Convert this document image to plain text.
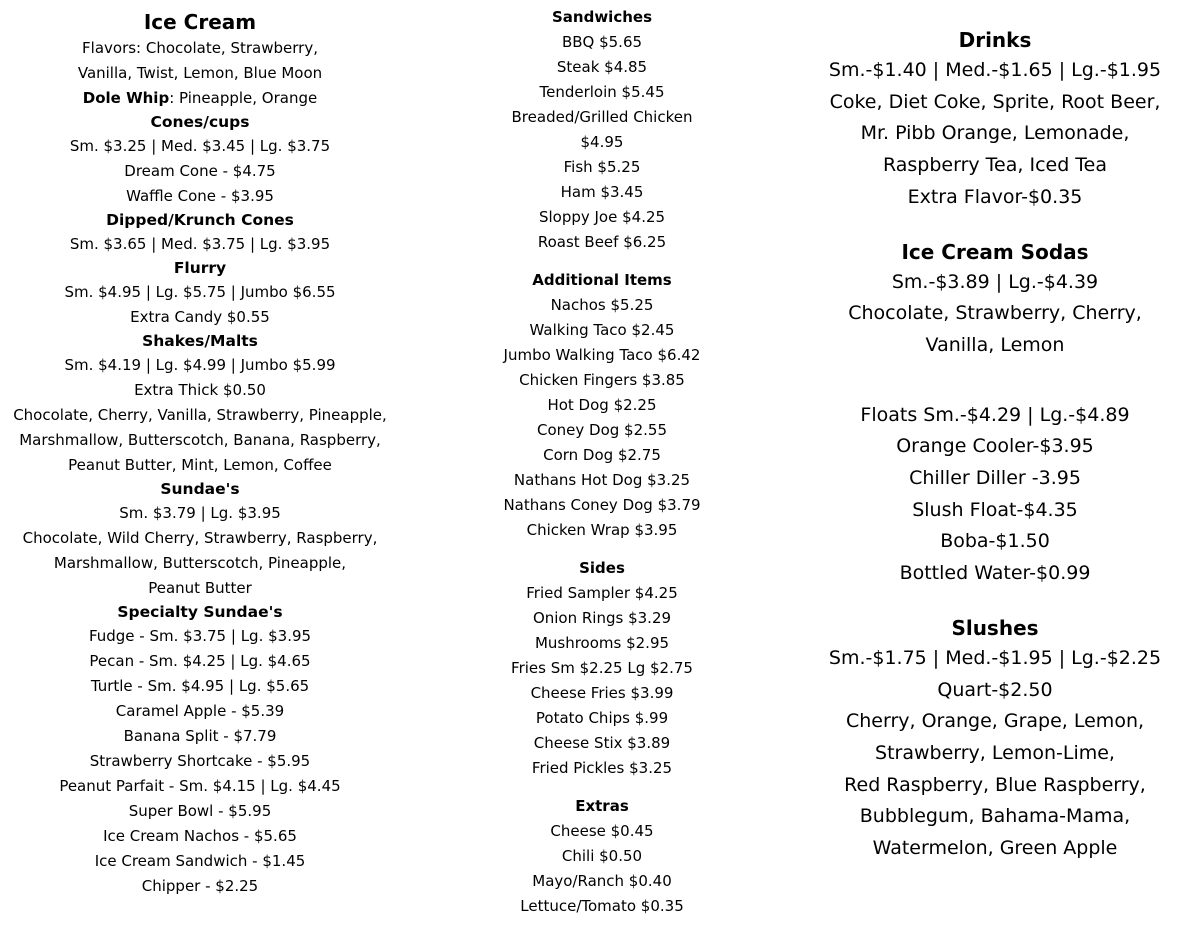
Ice Cream
Flavors: Chocolate, Strawberry,
Vanilla, Twist, Lemon, Blue Moon
Dole Whip: Pineapple, Orange
Cones/cups
Sm. $3.25 | Med. $3.45 | Lg. $3.75
Dream Cone - $4.75
Waffle Cone - $3.95
Dipped/Krunch Cones
Sm. $3.65 | Med. $3.75 | Lg. $3.95
Flurry
Sm. $4.95 | Lg. $5.75 | Jumbo $6.55
Extra Candy $0.55
Shakes/Malts
Sm. $4.19 | Lg. $4.99 | Jumbo $5.99
Extra Thick $0.50
Chocolate, Cherry, Vanilla, Strawberry, Pineapple,
Marshmallow, Butterscotch, Banana, Raspberry,
Peanut Butter, Mint, Lemon, Coffee
Sundae's
Sm. $3.79 | Lg. $3.95
Chocolate, Wild Cherry, Strawberry, Raspberry,
Marshmallow, Butterscotch, Pineapple,
Peanut Butter
Specialty Sundae's
Fudge - Sm. $3.75 | Lg. $3.95
Pecan - Sm. $4.25 | Lg. $4.65
Turtle - Sm. $4.95 | Lg. $5.65
Caramel Apple - $5.39
Banana Split - $7.79
Strawberry Shortcake - $5.95
Peanut Parfait - Sm. $4.15 | Lg. $4.45
Super Bowl - $5.95
Ice Cream Nachos - $5.65
Ice Cream Sandwich - $1.45
Chipper - $2.25
Sandwiches
BBQ $5.65
Steak $4.85
Tenderloin $5.45
Breaded/Grilled Chicken
$4.95
Fish $5.25
Ham $3.45
Sloppy Joe $4.25
Roast Beef $6.25
Additional Items
Nachos $5.25
Walking Taco $2.45
Jumbo Walking Taco $6.42
Chicken Fingers $3.85
Hot Dog $2.25
Coney Dog $2.55
Corn Dog $2.75
Nathans Hot Dog $3.25
Nathans Coney Dog $3.79
Chicken Wrap $3.95
Sides
Fried Sampler $4.25
Onion Rings $3.29
Mushrooms $2.95
Fries Sm $2.25 Lg $2.75
Cheese Fries $3.99
Potato Chips $.99
Cheese Stix $3.89
Fried Pickles $3.25
Extras
Cheese $0.45
Chili $0.50
Mayo/Ranch $0.40
Lettuce/Tomato $0.35
Drinks
Sm.-$1.40 | Med.-$1.65 | Lg.-$1.95
Coke, Diet Coke, Sprite, Root Beer,
Mr. Pibb Orange, Lemonade,
Raspberry Tea, Iced Tea
Extra Flavor-$0.35
Ice Cream Sodas
Sm.-$3.89 | Lg.-$4.39
Chocolate, Strawberry, Cherry,
Vanilla, Lemon
Floats Sm.-$4.29 | Lg.-$4.89
Orange Cooler-$3.95
Chiller Diller -3.95
Slush Float-$4.35
Boba-$1.50
Bottled Water-$0.99
Slushes
Sm.-$1.75 | Med.-$1.95 | Lg.-$2.25
Quart-$2.50
Cherry, Orange, Grape, Lemon,
Strawberry, Lemon-Lime,
Red Raspberry, Blue Raspberry,
Bubblegum, Bahama-Mama,
Watermelon, Green Apple
